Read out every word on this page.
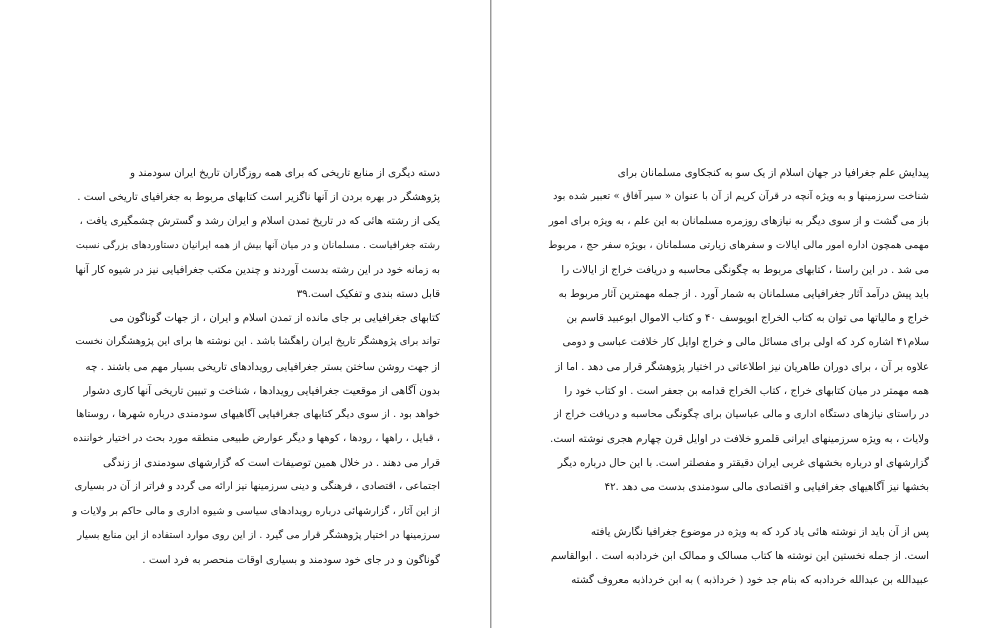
دسته دیگری از منابع تاریخی که برای همه روزگاران تاریخ ایران سودمند و
پژوهشگر در بهره بردن از آنها ناگزیر است کتابهای مربوط به جغرافیای تاریخی است .
یکی از رشته هائی که در تاریخ تمدن اسلام و ایران رشد و گسترش چشمگیری یافت ،
رشته جغرافیاست . مسلمانان و در میان آنها بیش از همه ایرانیان دستاوردهای بزرگی نسبت
به زمانه خود در این رشته بدست آوردند و چندین مکتب جغرافیایی نیز در شیوه کار آنها
قابل دسته بندی و تفکیک است.۳۹
کتابهای جغرافیایی بر جای مانده از تمدن اسلام و ایران ، از جهات گوناگون می
تواند برای پژوهشگر تاریخ ایران راهگشا باشد . این نوشته ها برای این پژوهشگران نخست
از جهت روشن ساختن بستر جغرافیایی رویدادهای تاریخی بسیار مهم می باشند . چه
بدون آگاهی از موقعیت جغرافیایی رویدادها ، شناخت و تبیین تاریخی آنها کاری دشوار
خواهد بود . از سوی دیگر کتابهای جغرافیایی آگاهیهای سودمندی درباره شهرها ، روستاها
، قبایل ، راهها ، رودها ، کوهها و دیگر عوارض طبیعی منطقه مورد بحث در اختیار خواننده
قرار می دهند . در خلال همین توصیفات است که گزارشهای سودمندی از زندگی
اجتماعی ، اقتصادی ، فرهنگی و دینی سرزمینها نیز ارائه می گردد و فراتر از آن در بسیاری
از این آثار ، گزارشهائی درباره رویدادهای سیاسی و شیوه اداری و مالی حاکم بر ولایات و
سرزمینها در اختیار پژوهشگر قرار می گیرد . از این روی موارد استفاده از این منابع بسیار
گوناگون و در جای خود سودمند و بسیاری اوقات منحصر به فرد است .
پیدایش علم جغرافیا در جهان اسلام از یک سو به کنجکاوی مسلمانان برای
شناخت سرزمینها و به ویژه آنچه در قرآن کریم از آن با عنوان « سیر آفاق » تعبیر شده بود
باز می گشت و از سوی دیگر به نیازهای روزمره مسلمانان به این علم ، به ویژه برای امور
مهمی همچون اداره امور مالی ایالات و سفرهای زیارتی مسلمانان ، بویژه سفر حج ، مربوط
می شد . در این راستا ، کتابهای مربوط به چگونگی محاسبه و دریافت خراج از ایالات را
باید پیش درآمد آثار جغرافیایی مسلمانان به شمار آورد . از جمله مهمترین آثار مربوط به
خراج و مالیاتها می توان به کتاب الخراج ابویوسف ۴۰ و کتاب الاموال ابوعبید قاسم بن
سلام۴۱ اشاره کرد که اولی برای مسائل مالی و خراج اوایل کار خلافت عباسی و دومی
علاوه بر آن ، برای دوران طاهریان نیز اطلاعاتی در اختیار پژوهشگر قرار می دهد . اما از
همه مهمتر در میان کتابهای خراج ، کتاب الخراج قدامه بن جعفر است . او کتاب خود را
در راستای نیازهای دستگاه اداری و مالی عباسیان برای چگونگی محاسبه و دریافت خراج از
ولایات ، به ویژه سرزمینهای ایرانی قلمرو خلافت در اوایل قرن چهارم هجری نوشته است.
گزارشهای او درباره بخشهای غربی ایران دقیقتر و مفصلتر است. با این حال درباره دیگر
بخشها نیز آگاهیهای جغرافیایی و اقتصادی مالی سودمندی بدست می دهد .۴۲
پس از آن باید از نوشته هائی یاد کرد که به ویژه در موضوع جغرافیا نگارش یافته
است. از جمله نخستین این نوشته ها کتاب مسالک و ممالک ابن خردادبه است . ابوالقاسم
عبیدالله بن عبدالله خردادبه که بنام جد خود ( خرداذبه ) به ابن خرداذبه معروف گشته
